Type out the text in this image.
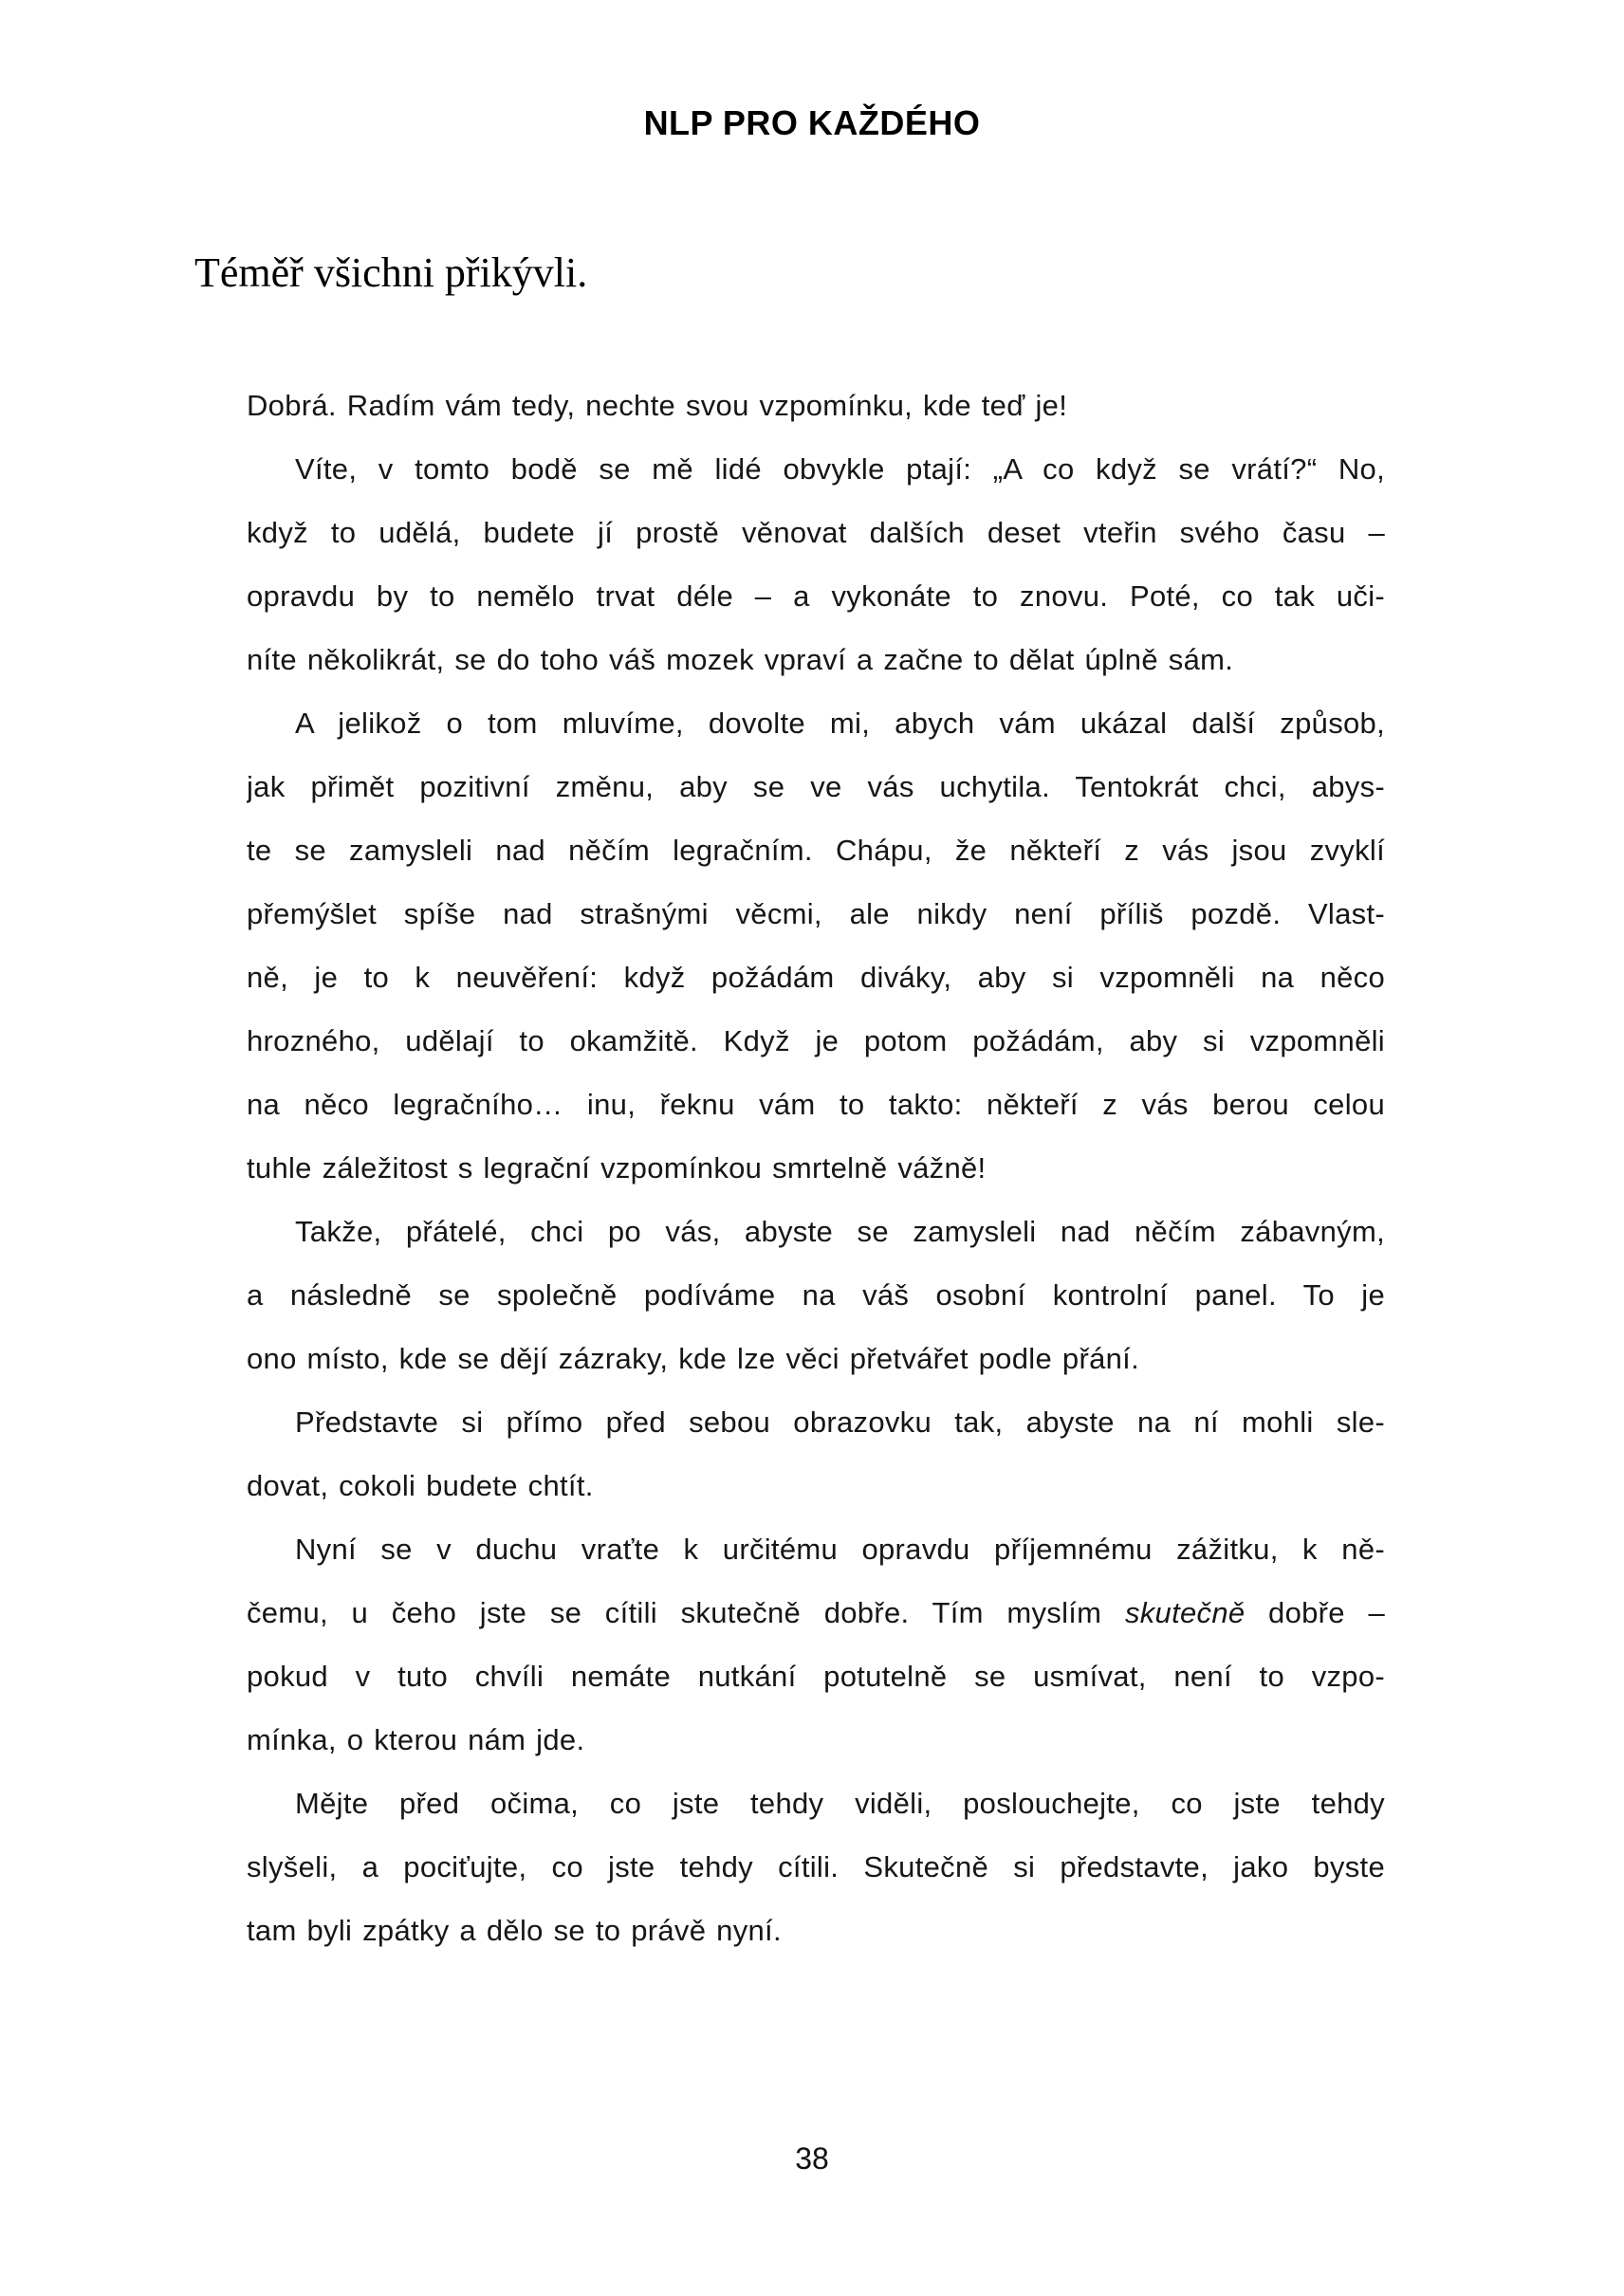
NLP PRO KAŽDÉHO
Téměř všichni přikývli.
Dobrá. Radím vám tedy, nechte svou vzpomínku, kde teď je!
Víte, v tomto bodě se mě lidé obvykle ptají: „A co když se vrátí?“ No,
když to udělá, budete jí prostě věnovat dalších deset vteřin svého času –
opravdu by to nemělo trvat déle – a vykonáte to znovu. Poté, co tak uči-
níte několikrát, se do toho váš mozek vpraví a začne to dělat úplně sám.
A jelikož o tom mluvíme, dovolte mi, abych vám ukázal další způsob,
jak přimět pozitivní změnu, aby se ve vás uchytila. Tentokrát chci, abys-
te se zamysleli nad něčím legračním. Chápu, že někteří z vás jsou zvyklí
přemýšlet spíše nad strašnými věcmi, ale nikdy není příliš pozdě. Vlast-
ně, je to k neuvěření: když požádám diváky, aby si vzpomněli na něco
hrozného, udělají to okamžitě. Když je potom požádám, aby si vzpomněli
na něco legračního… inu, řeknu vám to takto: někteří z vás berou celou
tuhle záležitost s legrační vzpomínkou smrtelně vážně!
Takže, přátelé, chci po vás, abyste se zamysleli nad něčím zábavným,
a následně se společně podíváme na váš osobní kontrolní panel. To je
ono místo, kde se dějí zázraky, kde lze věci přetvářet podle přání.
Představte si přímo před sebou obrazovku tak, abyste na ní mohli sle-
dovat, cokoli budete chtít.
Nyní se v duchu vraťte k určitému opravdu příjemnému zážitku, k ně-
čemu, u čeho jste se cítili skutečně dobře. Tím myslím skutečně dobře –
pokud v tuto chvíli nemáte nutkání potutelně se usmívat, není to vzpo-
mínka, o kterou nám jde.
Mějte před očima, co jste tehdy viděli, poslouchejte, co jste tehdy
slyšeli, a pociťujte, co jste tehdy cítili. Skutečně si představte, jako byste
tam byli zpátky a dělo se to právě nyní.
38
